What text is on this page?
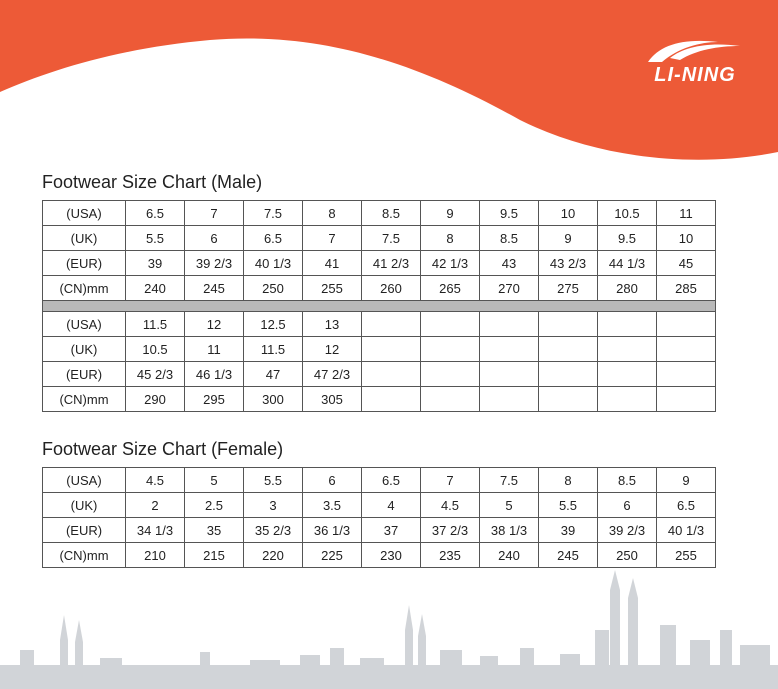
LI-NING
Footwear Size Chart (Male)
(USA)	6.5	7	7.5	8	8.5	9	9.5	10	10.5	11
(UK)	5.5	6	6.5	7	7.5	8	8.5	9	9.5	10
(EUR)	39	39 2/3	40 1/3	41	41 2/3	42 1/3	43	43 2/3	44 1/3	45
(CN)mm	240	245	250	255	260	265	270	275	280	285

(USA)	11.5	12	12.5	13						
(UK)	10.5	11	11.5	12						
(EUR)	45 2/3	46 1/3	47	47 2/3						
(CN)mm	290	295	300	305						
Footwear Size Chart (Female)
(USA)	4.5	5	5.5	6	6.5	7	7.5	8	8.5	9
(UK)	2	2.5	3	3.5	4	4.5	5	5.5	6	6.5
(EUR)	34 1/3	35	35 2/3	36 1/3	37	37 2/3	38 1/3	39	39 2/3	40 1/3
(CN)mm	210	215	220	225	230	235	240	245	250	255
